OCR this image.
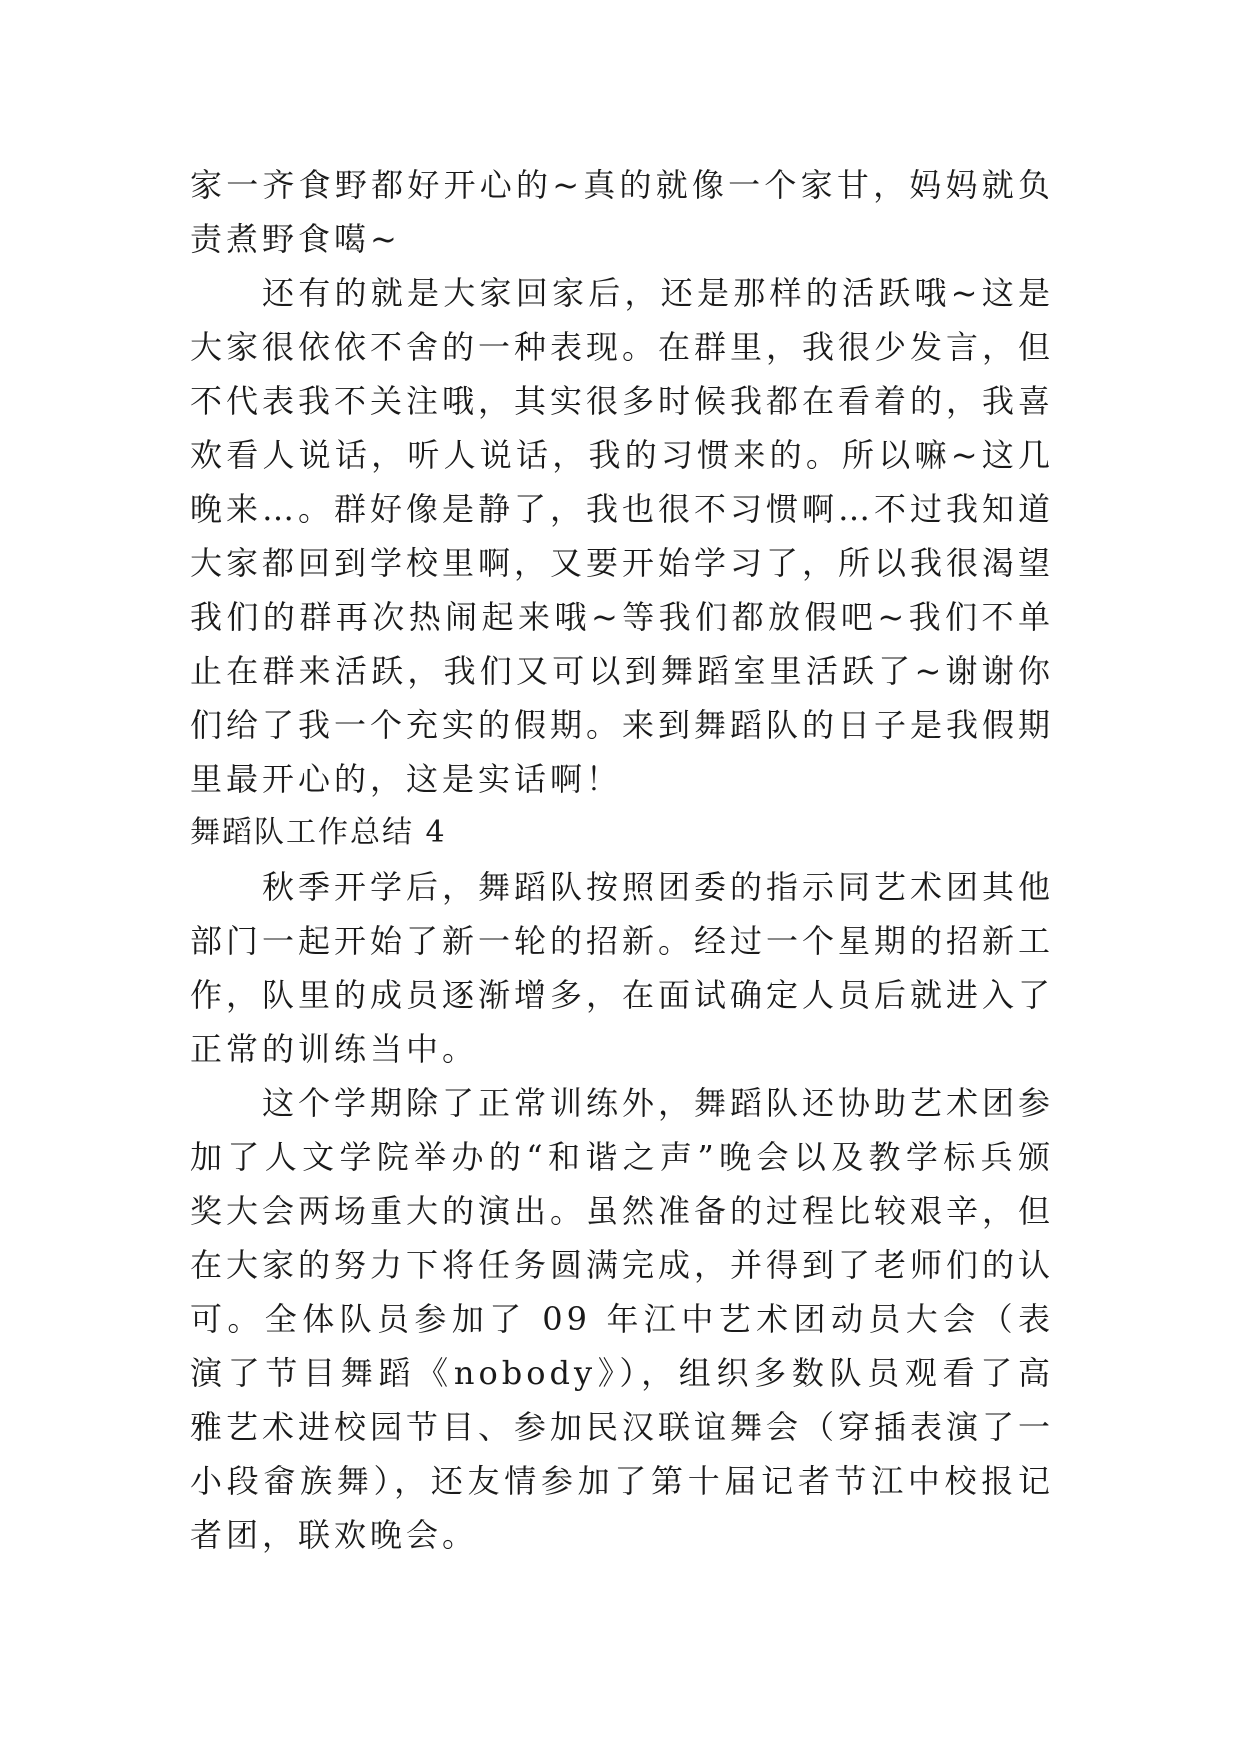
家一齐食野都好开心的~真的就像一个家甘，妈妈就负责煮野食噶~

还有的就是大家回家后，还是那样的活跃哦~这是大家很依依不舍的一种表现。在群里，我很少发言，但不代表我不关注哦，其实很多时候我都在看着的，我喜欢看人说话，听人说话，我的习惯来的。所以嘛~这几晚来…。群好像是静了，我也很不习惯啊…不过我知道大家都回到学校里啊，又要开始学习了，所以我很渴望我们的群再次热闹起来哦~等我们都放假吧~我们不单止在群来活跃，我们又可以到舞蹈室里活跃了~谢谢你们给了我一个充实的假期。来到舞蹈队的日子是我假期里最开心的，这是实话啊！

舞蹈队工作总结 4

秋季开学后，舞蹈队按照团委的指示同艺术团其他部门一起开始了新一轮的招新。经过一个星期的招新工作，队里的成员逐渐增多，在面试确定人员后就进入了正常的训练当中。

这个学期除了正常训练外，舞蹈队还协助艺术团参加了人文学院举办的“和谐之声”晚会以及教学标兵颁奖大会两场重大的演出。虽然准备的过程比较艰辛，但在大家的努力下将任务圆满完成，并得到了老师们的认可。全体队员参加了 09 年江中艺术团动员大会（表演了节目舞蹈《nobody》），组织多数队员观看了高雅艺术进校园节目、参加民汉联谊舞会（穿插表演了一小段畲族舞），还友情参加了第十届记者节江中校报记者团，联欢晚会。
